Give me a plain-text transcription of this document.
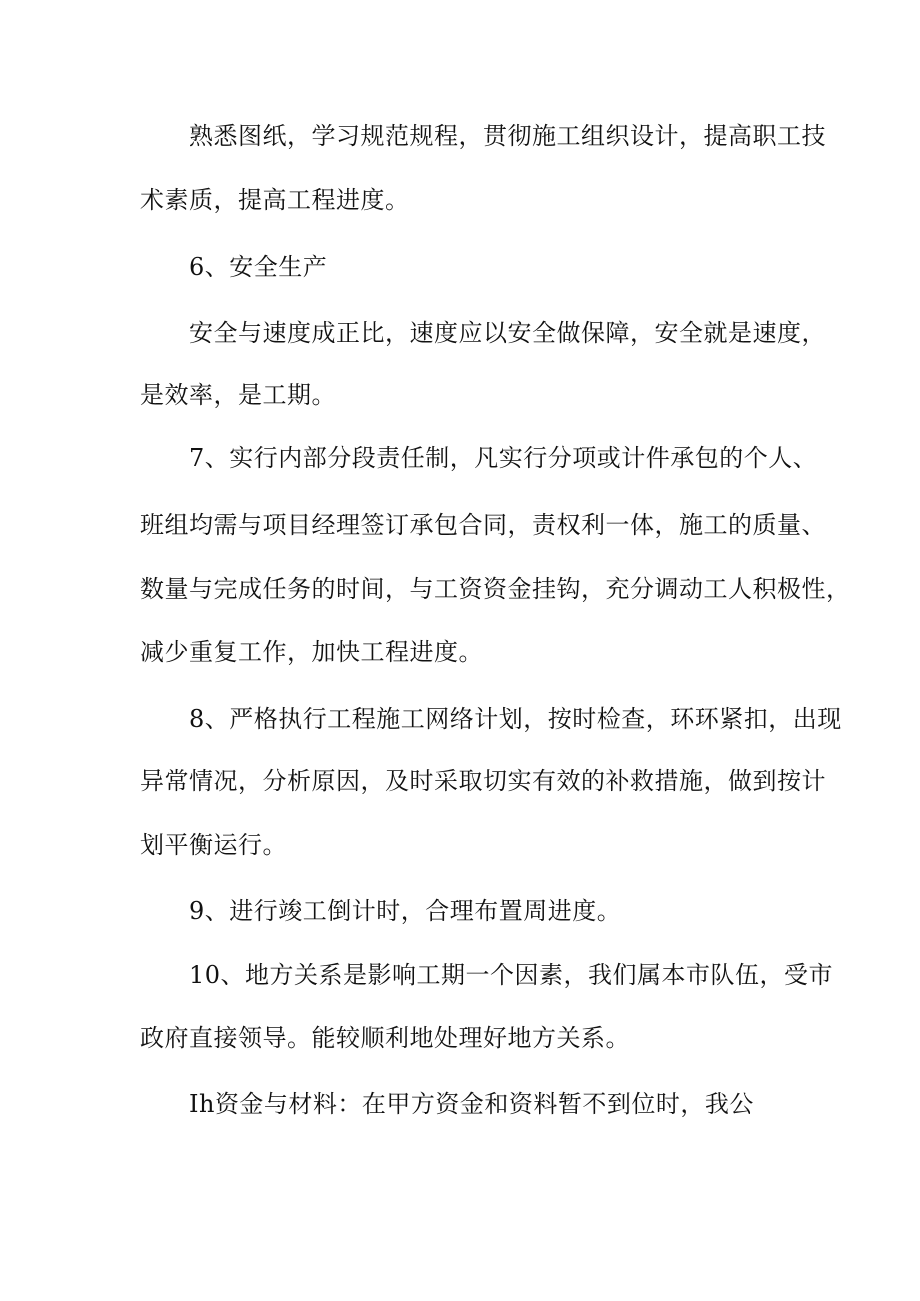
熟悉图纸，学习规范规程，贯彻施工组织设计，提高职工技
术素质，提高工程进度。
6、安全生产
安全与速度成正比，速度应以安全做保障，安全就是速度，
是效率，是工期。
7、实行内部分段责任制，凡实行分项或计件承包的个人、
班组均需与项目经理签订承包合同，责权利一体，施工的质量、
数量与完成任务的时间，与工资资金挂钩，充分调动工人积极性，
减少重复工作，加快工程进度。
8、严格执行工程施工网络计划，按时检查，环环紧扣，出现
异常情况，分析原因，及时采取切实有效的补救措施，做到按计
划平衡运行。
9、进行竣工倒计时，合理布置周进度。
10、地方关系是影响工期一个因素，我们属本市队伍，受市
政府直接领导。能较顺利地处理好地方关系。
Ih资金与材料：在甲方资金和资料暂不到位时，我公
